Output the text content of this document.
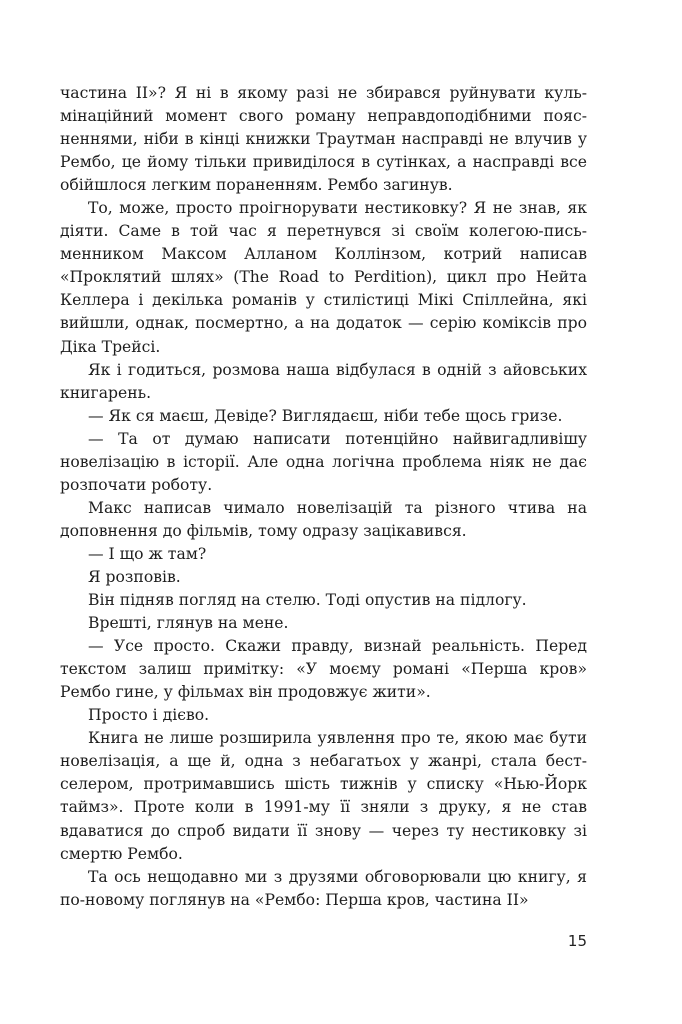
частина II»? Я ні в якому разі не збирався руйнувати кульмінаційний момент свого роману неправдоподібними поясненнями, ніби в кінці книжки Траутман насправді не влучив у Рембо, це йому тільки привиділося в сутінках, а насправді все обійшлося легким пораненням. Рембо загинув.

То, може, просто проігнорувати нестиковку? Я не знав, як діяти. Саме в той час я перетнувся зі своїм колегою-письменником Максом Алланом Коллінзом, котрий написав «Проклятий шлях» (The Road to Perdition), цикл про Нейта Келлера і декілька романів у стилістиці Мікі Спіллейна, які вийшли, однак, посмертно, а на додаток — серію коміксів про Діка Трейсі.

Як і годиться, розмова наша відбулася в одній з айовських книгарень.

— Як ся маєш, Девіде? Виглядаєш, ніби тебе щось гризе.

— Та от думаю написати потенційно найвигадливішу новелізацію в історії. Але одна логічна проблема ніяк не дає розпочати роботу.

Макс написав чимало новелізацій та різного чтива на доповнення до фільмів, тому одразу зацікавився.

— І що ж там?

Я розповів.

Він підняв погляд на стелю. Тоді опустив на підлогу.

Врешті, глянув на мене.

— Усе просто. Скажи правду, визнай реальність. Перед текстом залиш примітку: «У моєму романі «Перша кров» Рембо гине, у фільмах він продовжує жити».

Просто і дієво.

Книга не лише розширила уявлення про те, якою має бути новелізація, а ще й, одна з небагатьох у жанрі, стала бестселером, протримавшись шість тижнів у списку «Нью-Йорк таймз». Проте коли в 1991-му її зняли з друку, я не став вдаватися до спроб видати її знову — через ту нестиковку зі смертю Рембо.

Та ось нещодавно ми з друзями обговорювали цю книгу, я по-новому поглянув на «Рембо: Перша кров, частина II»

15
